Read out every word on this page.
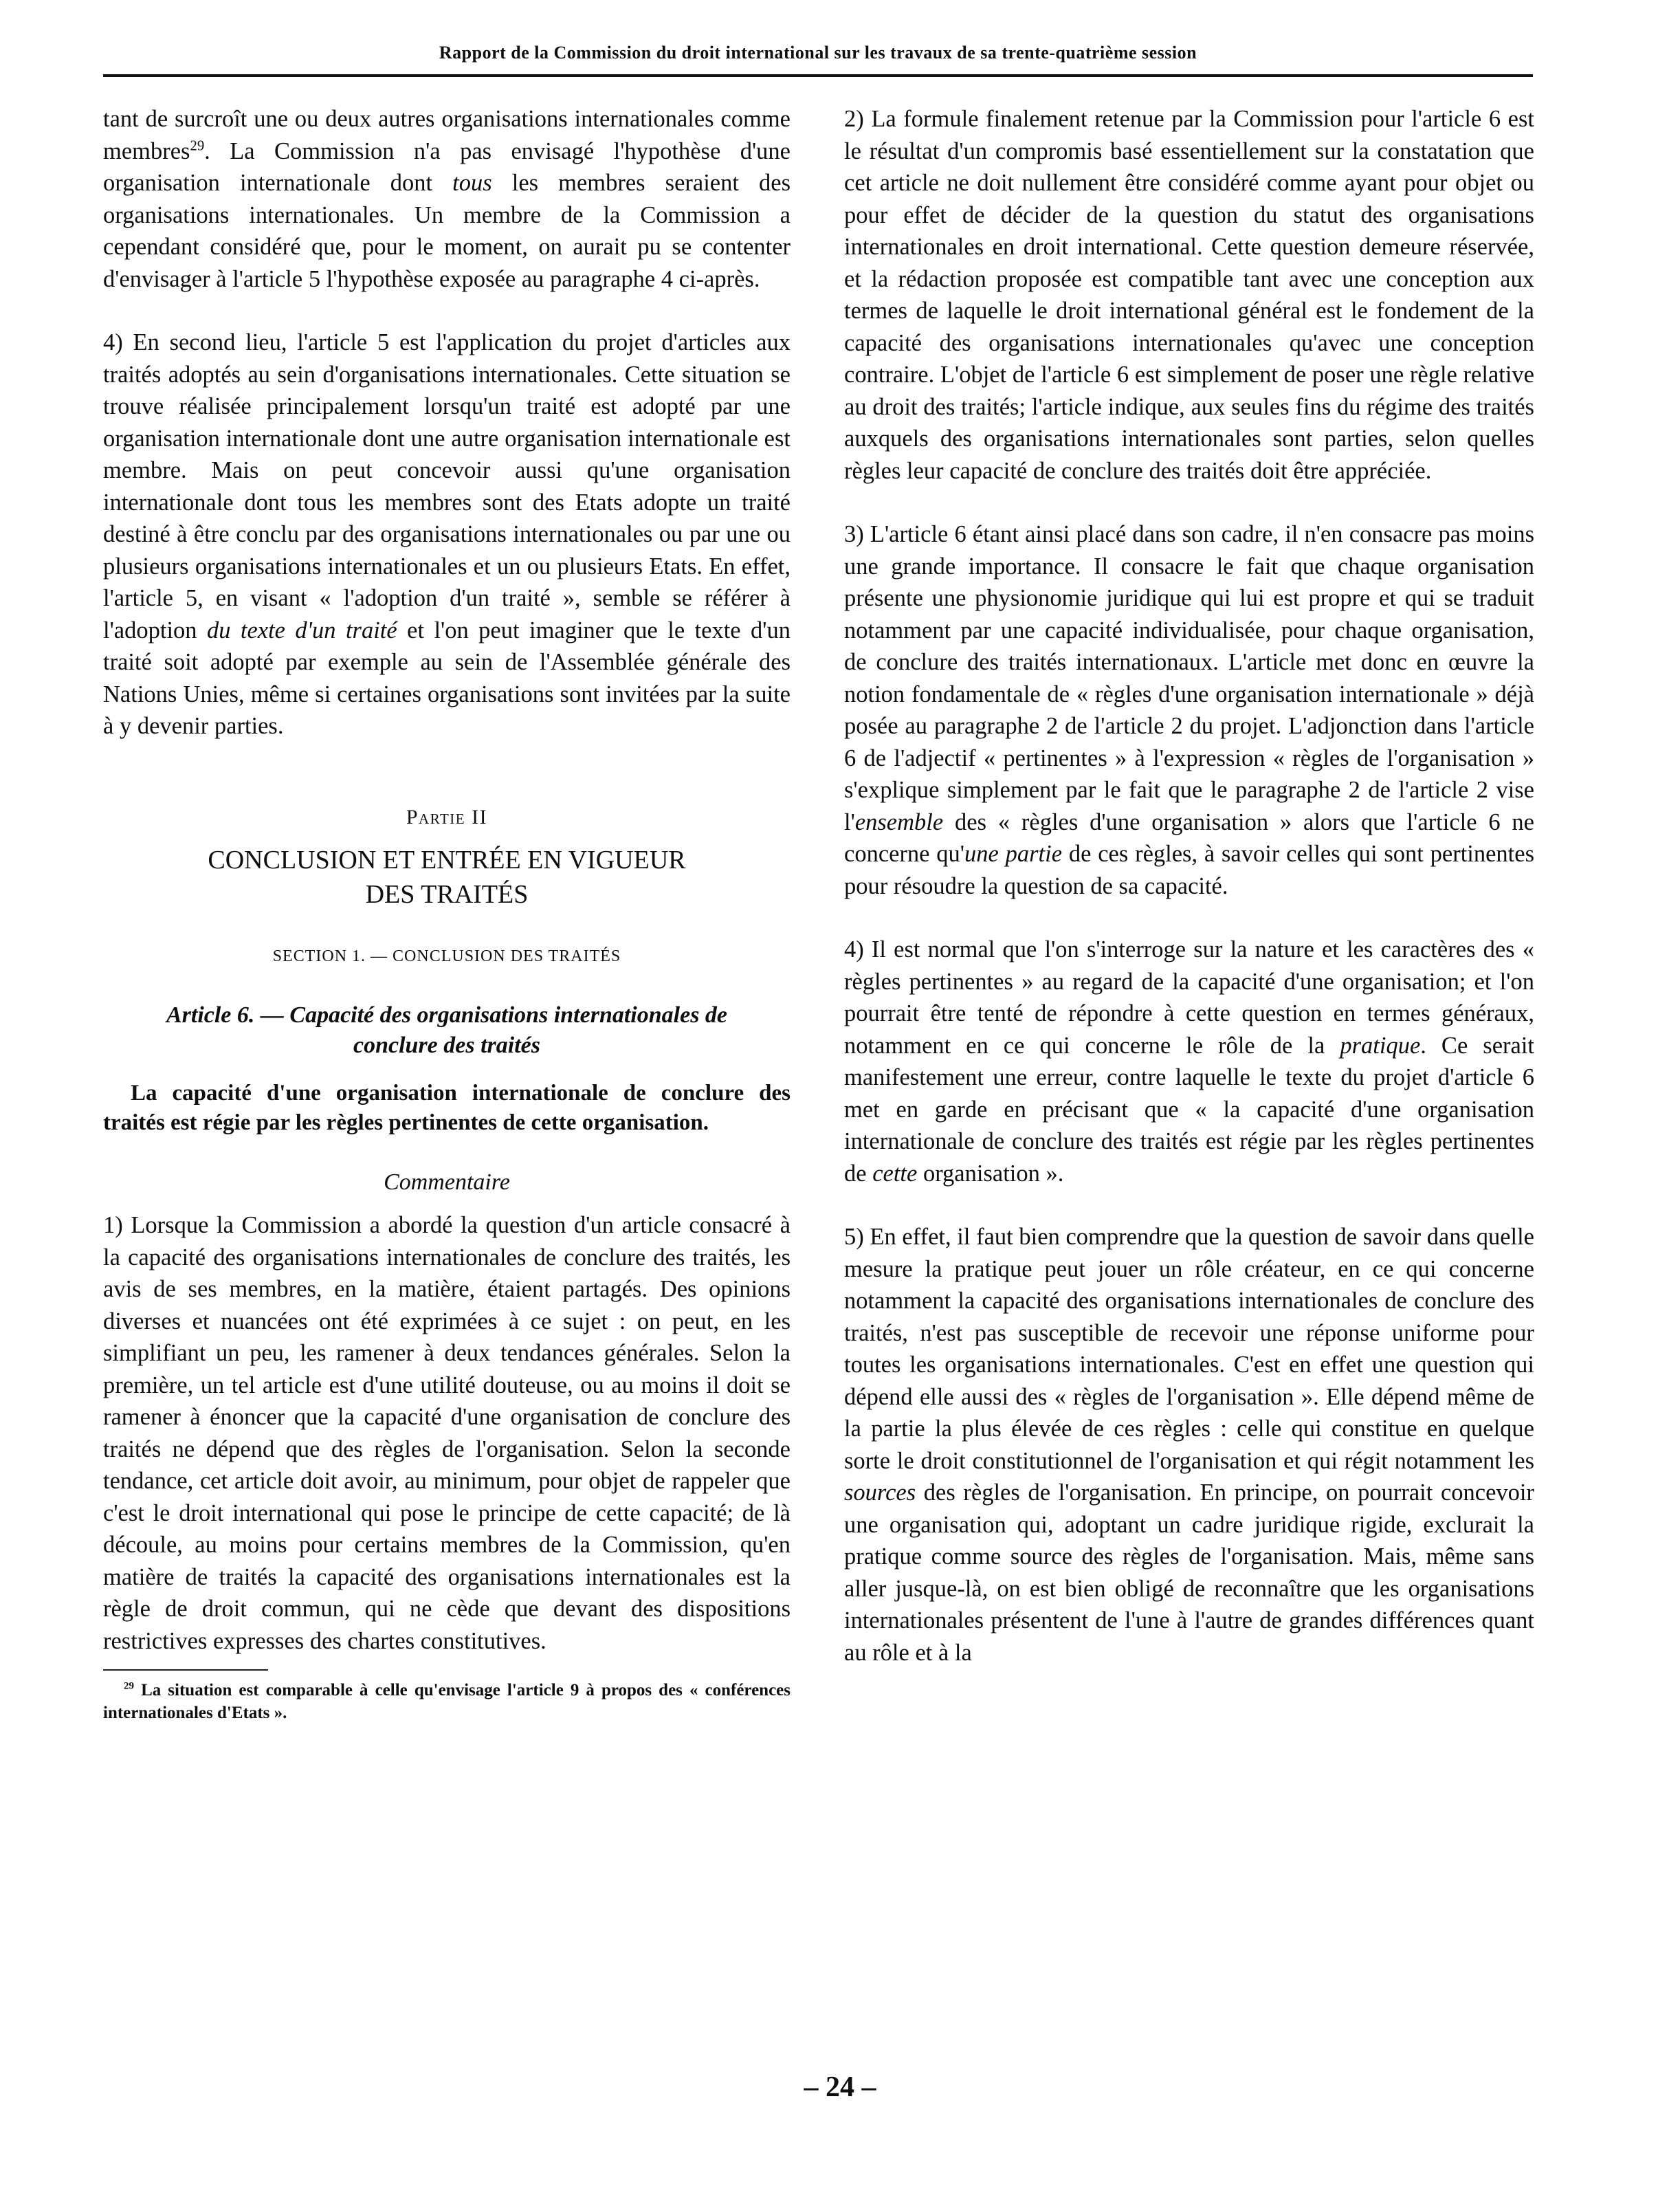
Rapport de la Commission du droit international sur les travaux de sa trente-quatrième session

tant de surcroît une ou deux autres organisations internationales comme membres$^{29}$. La Commission n'a pas envisagé l'hypothèse d'une organisation internationale dont tous les membres seraient des organisations internationales. Un membre de la Commission a cependant considéré que, pour le moment, on aurait pu se contenter d'envisager à l'article 5 l'hypothèse exposée au paragraphe 4 ci-après.

4) En second lieu, l'article 5 est l'application du projet d'articles aux traités adoptés au sein d'organisations internationales. Cette situation se trouve réalisée principalement lorsqu'un traité est adopté par une organisation internationale dont une autre organisation internationale est membre. Mais on peut concevoir aussi qu'une organisation internationale dont tous les membres sont des Etats adopte un traité destiné à être conclu par des organisations internationales ou par une ou plusieurs organisations internationales et un ou plusieurs Etats. En effet, l'article 5, en visant « l'adoption d'un traité », semble se référer à l'adoption du texte d'un traité et l'on peut imaginer que le texte d'un traité soit adopté par exemple au sein de l'Assemblée générale des Nations Unies, même si certaines organisations sont invitées par la suite à y devenir parties.

Partie II
CONCLUSION ET ENTRÉE EN VIGUEUR
DES TRAITÉS
SECTION 1. — CONCLUSION DES TRAITÉS
Article 6. — Capacité des organisations internationales de conclure des traités
La capacité d'une organisation internationale de conclure des traités est régie par les règles pertinentes de cette organisation.
Commentaire

1) Lorsque la Commission a abordé la question d'un article consacré à la capacité des organisations internationales de conclure des traités, les avis de ses membres, en la matière, étaient partagés. Des opinions diverses et nuancées ont été exprimées à ce sujet : on peut, en les simplifiant un peu, les ramener à deux tendances générales. Selon la première, un tel article est d'une utilité douteuse, ou au moins il doit se ramener à énoncer que la capacité d'une organisation de conclure des traités ne dépend que des règles de l'organisation. Selon la seconde tendance, cet article doit avoir, au minimum, pour objet de rappeler que c'est le droit international qui pose le principe de cette capacité; de là découle, au moins pour certains membres de la Commission, qu'en matière de traités la capacité des organisations internationales est la règle de droit commun, qui ne cède que devant des dispositions restrictives expresses des chartes constitutives.

$^{29}$ La situation est comparable à celle qu'envisage l'article 9 à propos des « conférences internationales d'Etats ».

2) La formule finalement retenue par la Commission pour l'article 6 est le résultat d'un compromis basé essentiellement sur la constatation que cet article ne doit nullement être considéré comme ayant pour objet ou pour effet de décider de la question du statut des organisations internationales en droit international. Cette question demeure réservée, et la rédaction proposée est compatible tant avec une conception aux termes de laquelle le droit international général est le fondement de la capacité des organisations internationales qu'avec une conception contraire. L'objet de l'article 6 est simplement de poser une règle relative au droit des traités; l'article indique, aux seules fins du régime des traités auxquels des organisations internationales sont parties, selon quelles règles leur capacité de conclure des traités doit être appréciée.

3) L'article 6 étant ainsi placé dans son cadre, il n'en consacre pas moins une grande importance. Il consacre le fait que chaque organisation présente une physionomie juridique qui lui est propre et qui se traduit notamment par une capacité individualisée, pour chaque organisation, de conclure des traités internationaux. L'article met donc en œuvre la notion fondamentale de « règles d'une organisation internationale » déjà posée au paragraphe 2 de l'article 2 du projet. L'adjonction dans l'article 6 de l'adjectif « pertinentes » à l'expression « règles de l'organisation » s'explique simplement par le fait que le paragraphe 2 de l'article 2 vise l'ensemble des « règles d'une organisation » alors que l'article 6 ne concerne qu'une partie de ces règles, à savoir celles qui sont pertinentes pour résoudre la question de sa capacité.

4) Il est normal que l'on s'interroge sur la nature et les caractères des « règles pertinentes » au regard de la capacité d'une organisation; et l'on pourrait être tenté de répondre à cette question en termes généraux, notamment en ce qui concerne le rôle de la pratique. Ce serait manifestement une erreur, contre laquelle le texte du projet d'article 6 met en garde en précisant que « la capacité d'une organisation internationale de conclure des traités est régie par les règles pertinentes de cette organisation ».

5) En effet, il faut bien comprendre que la question de savoir dans quelle mesure la pratique peut jouer un rôle créateur, en ce qui concerne notamment la capacité des organisations internationales de conclure des traités, n'est pas susceptible de recevoir une réponse uniforme pour toutes les organisations internationales. C'est en effet une question qui dépend elle aussi des « règles de l'organisation ». Elle dépend même de la partie la plus élevée de ces règles : celle qui constitue en quelque sorte le droit constitutionnel de l'organisation et qui régit notamment les sources des règles de l'organisation. En principe, on pourrait concevoir une organisation qui, adoptant un cadre juridique rigide, exclurait la pratique comme source des règles de l'organisation. Mais, même sans aller jusque-là, on est bien obligé de reconnaître que les organisations internationales présentent de l'une à l'autre de grandes différences quant au rôle et à la

– 24 –
